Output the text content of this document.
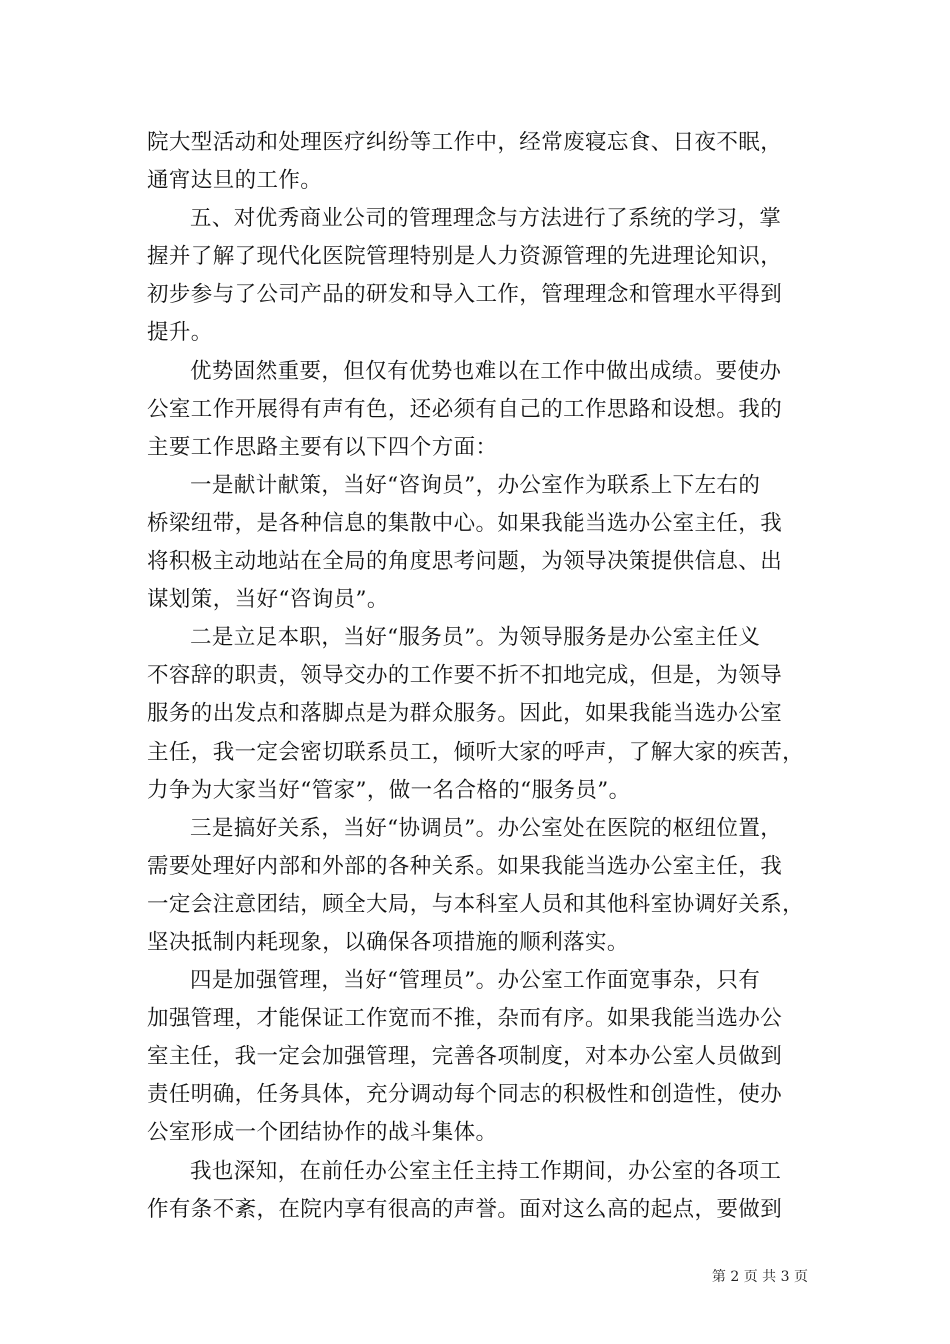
院大型活动和处理医疗纠纷等工作中，经常废寝忘食、日夜不眠，
通宵达旦的工作。
五、对优秀商业公司的管理理念与方法进行了系统的学习，掌
握并了解了现代化医院管理特别是人力资源管理的先进理论知识，
初步参与了公司产品的研发和导入工作，管理理念和管理水平得到
提升。
优势固然重要，但仅有优势也难以在工作中做出成绩。要使办
公室工作开展得有声有色，还必须有自己的工作思路和设想。我的
主要工作思路主要有以下四个方面：
一是献计献策，当好“咨询员”，办公室作为联系上下左右的
桥梁纽带，是各种信息的集散中心。如果我能当选办公室主任，我
将积极主动地站在全局的角度思考问题，为领导决策提供信息、出
谋划策，当好“咨询员”。
二是立足本职，当好“服务员”。为领导服务是办公室主任义
不容辞的职责，领导交办的工作要不折不扣地完成，但是，为领导
服务的出发点和落脚点是为群众服务。因此，如果我能当选办公室
主任，我一定会密切联系员工，倾听大家的呼声，了解大家的疾苦，
力争为大家当好“管家”，做一名合格的“服务员”。
三是搞好关系，当好“协调员”。办公室处在医院的枢纽位置，
需要处理好内部和外部的各种关系。如果我能当选办公室主任，我
一定会注意团结，顾全大局，与本科室人员和其他科室协调好关系，
坚决抵制内耗现象，以确保各项措施的顺利落实。
四是加强管理，当好“管理员”。办公室工作面宽事杂，只有
加强管理，才能保证工作宽而不推，杂而有序。如果我能当选办公
室主任，我一定会加强管理，完善各项制度，对本办公室人员做到
责任明确，任务具体，充分调动每个同志的积极性和创造性，使办
公室形成一个团结协作的战斗集体。
我也深知，在前任办公室主任主持工作期间，办公室的各项工
作有条不紊，在院内享有很高的声誉。面对这么高的起点，要做到
第 2 页 共 3 页
